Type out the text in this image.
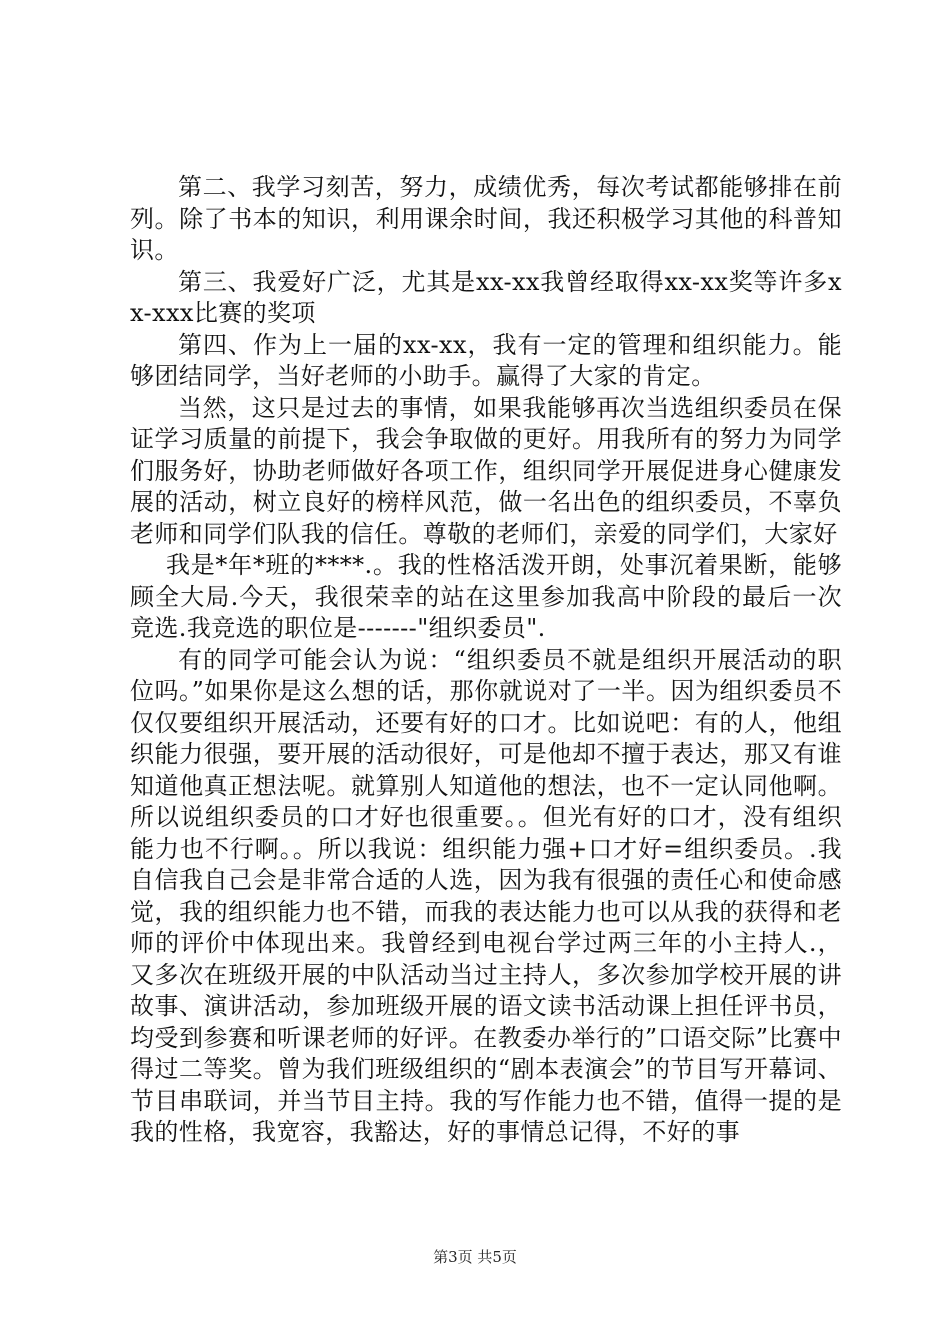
第二、我学习刻苦，努力，成绩优秀，每次考试都能够排在前列。除了书本的知识，利用课余时间，我还积极学习其他的科普知识。

第三、我爱好广泛，尤其是xx-xx我曾经取得xx-xx奖等许多xx-xxx比赛的奖项

第四、作为上一届的xx-xx，我有一定的管理和组织能力。能够团结同学，当好老师的小助手。赢得了大家的肯定。

当然，这只是过去的事情，如果我能够再次当选组织委员在保证学习质量的前提下，我会争取做的更好。用我所有的努力为同学们服务好，协助老师做好各项工作，组织同学开展促进身心健康发展的活动，树立良好的榜样风范，做一名出色的组织委员，不辜负老师和同学们队我的信任。尊敬的老师们，亲爱的同学们，大家好

我是*年*班的****.。我的性格活泼开朗，处事沉着果断，能够顾全大局.今天，我很荣幸的站在这里参加我高中阶段的最后一次竞选.我竞选的职位是-------"组织委员".

有的同学可能会认为说：“组织委员不就是组织开展活动的职位吗。”如果你是这么想的话，那你就说对了一半。因为组织委员不仅仅要组织开展活动，还要有好的口才。比如说吧：有的人，他组织能力很强，要开展的活动很好，可是他却不擅于表达，那又有谁知道他真正想法呢。就算别人知道他的想法，也不一定认同他啊。所以说组织委员的口才好也很重要。。但光有好的口才，没有组织能力也不行啊。。所以我说：组织能力强+口才好=组织委员。.我自信我自己会是非常合适的人选，因为我有很强的责任心和使命感觉，我的组织能力也不错，而我的表达能力也可以从我的获得和老师的评价中体现出来。我曾经到电视台学过两三年的小主持人.，又多次在班级开展的中队活动当过主持人，多次参加学校开展的讲故事、演讲活动，参加班级开展的语文读书活动课上担任评书员，均受到参赛和听课老师的好评。在教委办举行的”口语交际”比赛中得过二等奖。曾为我们班级组织的“剧本表演会”的节目写开幕词、节目串联词，并当节目主持。我的写作能力也不错，值得一提的是我的性格，我宽容，我豁达，好的事情总记得，不好的事

第3页 共5页
